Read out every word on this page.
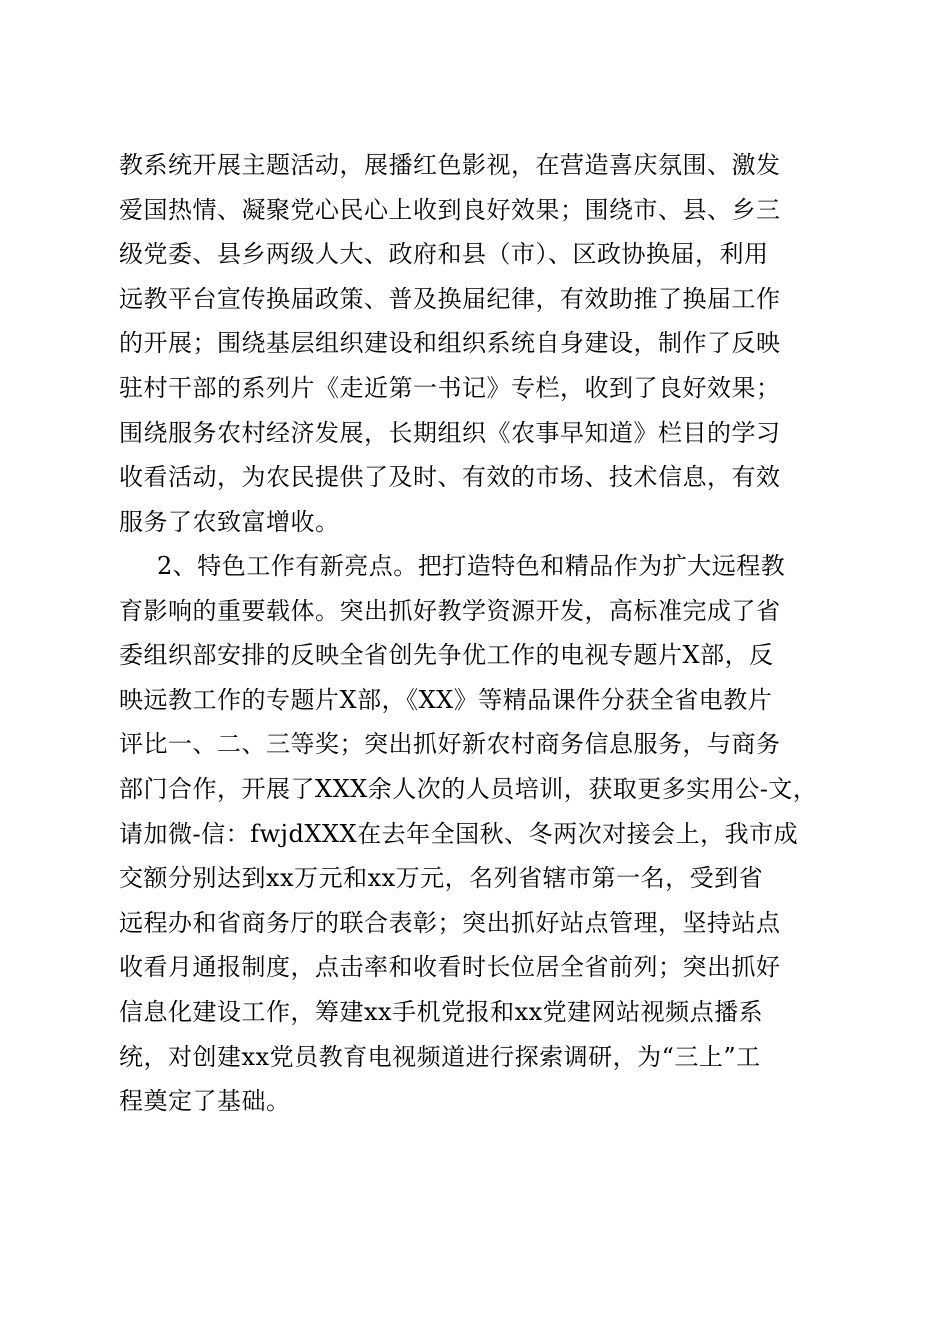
教系统开展主题活动，展播红色影视，在营造喜庆氛围、激发
爱国热情、凝聚党心民心上收到良好效果；围绕市、县、乡三
级党委、县乡两级人大、政府和县（市）、区政协换届，利用
远教平台宣传换届政策、普及换届纪律，有效助推了换届工作
的开展；围绕基层组织建设和组织系统自身建设，制作了反映
驻村干部的系列片《走近第一书记》专栏，收到了良好效果；
围绕服务农村经济发展，长期组织《农事早知道》栏目的学习
收看活动，为农民提供了及时、有效的市场、技术信息，有效
服务了农致富增收。
2、特色工作有新亮点。把打造特色和精品作为扩大远程教
育影响的重要载体。突出抓好教学资源开发，高标准完成了省
委组织部安排的反映全省创先争优工作的电视专题片X部，反
映远教工作的专题片X部，《XX》等精品课件分获全省电教片
评比一、二、三等奖；突出抓好新农村商务信息服务，与商务
部门合作，开展了XXX余人次的人员培训，获取更多实用公-文，
请加微-信：fwjdXXX在去年全国秋、冬两次对接会上，我市成
交额分别达到xx万元和xx万元，名列省辖市第一名，受到省
远程办和省商务厅的联合表彰；突出抓好站点管理，坚持站点
收看月通报制度，点击率和收看时长位居全省前列；突出抓好
信息化建设工作，筹建xx手机党报和xx党建网站视频点播系
统，对创建xx党员教育电视频道进行探索调研，为“三上”工
程奠定了基础。
